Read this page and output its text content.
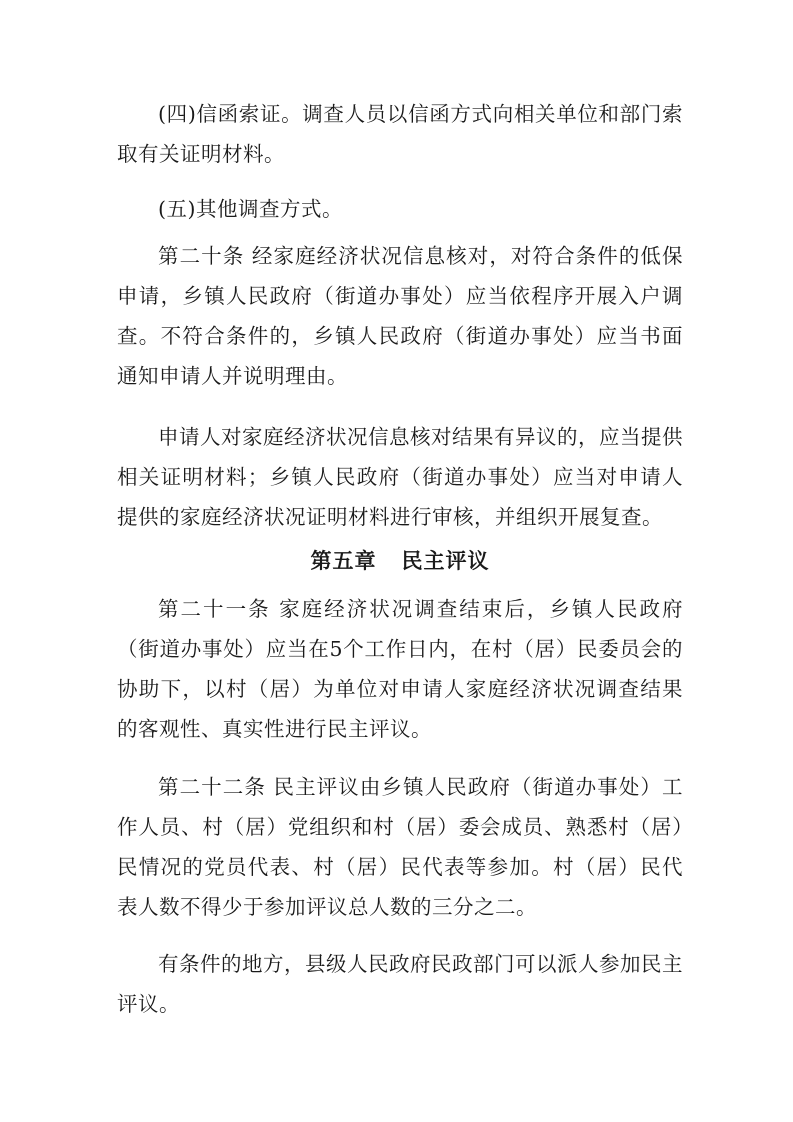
(四)信函索证。调查人员以信函方式向相关单位和部门索取有关证明材料。

(五)其他调查方式。

第二十条 经家庭经济状况信息核对，对符合条件的低保申请，乡镇人民政府（街道办事处）应当依程序开展入户调查。不符合条件的，乡镇人民政府（街道办事处）应当书面通知申请人并说明理由。

申请人对家庭经济状况信息核对结果有异议的，应当提供相关证明材料；乡镇人民政府（街道办事处）应当对申请人提供的家庭经济状况证明材料进行审核，并组织开展复查。

第五章   民主评议

第二十一条 家庭经济状况调查结束后，乡镇人民政府（街道办事处）应当在5个工作日内，在村（居）民委员会的协助下，以村（居）为单位对申请人家庭经济状况调查结果的客观性、真实性进行民主评议。

第二十二条 民主评议由乡镇人民政府（街道办事处）工作人员、村（居）党组织和村（居）委会成员、熟悉村（居）民情况的党员代表、村（居）民代表等参加。村（居）民代表人数不得少于参加评议总人数的三分之二。

有条件的地方，县级人民政府民政部门可以派人参加民主评议。
